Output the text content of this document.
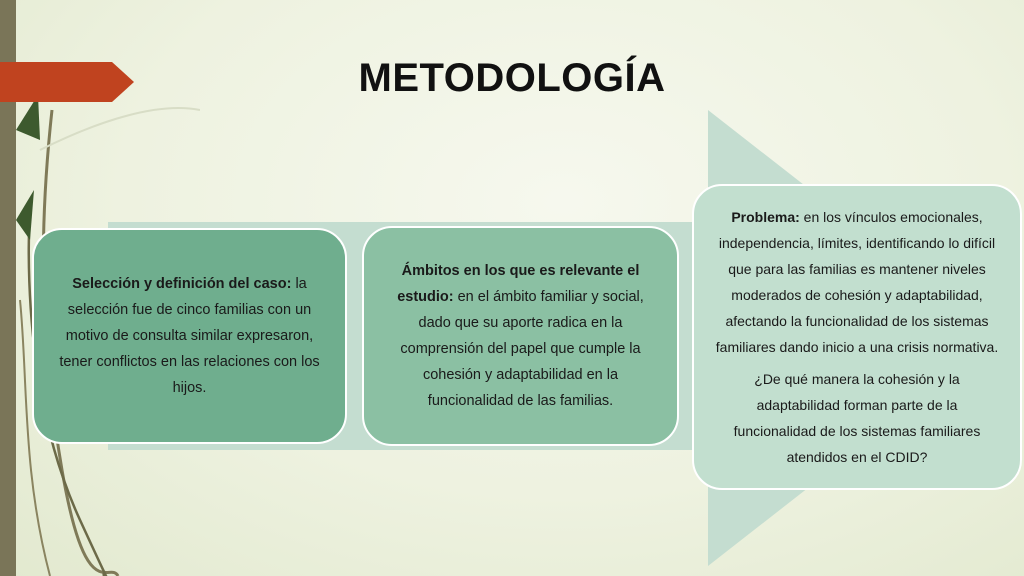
METODOLOGÍA

Selección y definición del caso: la selección fue de cinco familias con un motivo de consulta similar expresaron, tener conflictos en las relaciones con los hijos.

Ámbitos en los que es relevante el estudio: en el ámbito familiar y social, dado que su aporte radica en la comprensión del papel que cumple la cohesión y adaptabilidad en la funcionalidad de las familias.

Problema: en los vínculos emocionales, independencia, límites, identificando lo difícil que para las familias es mantener niveles moderados de cohesión y adaptabilidad, afectando la funcionalidad de los sistemas familiares dando inicio a una crisis normativa.

¿De qué manera la cohesión y la adaptabilidad forman parte de la funcionalidad de los sistemas familiares atendidos en el CDID?
